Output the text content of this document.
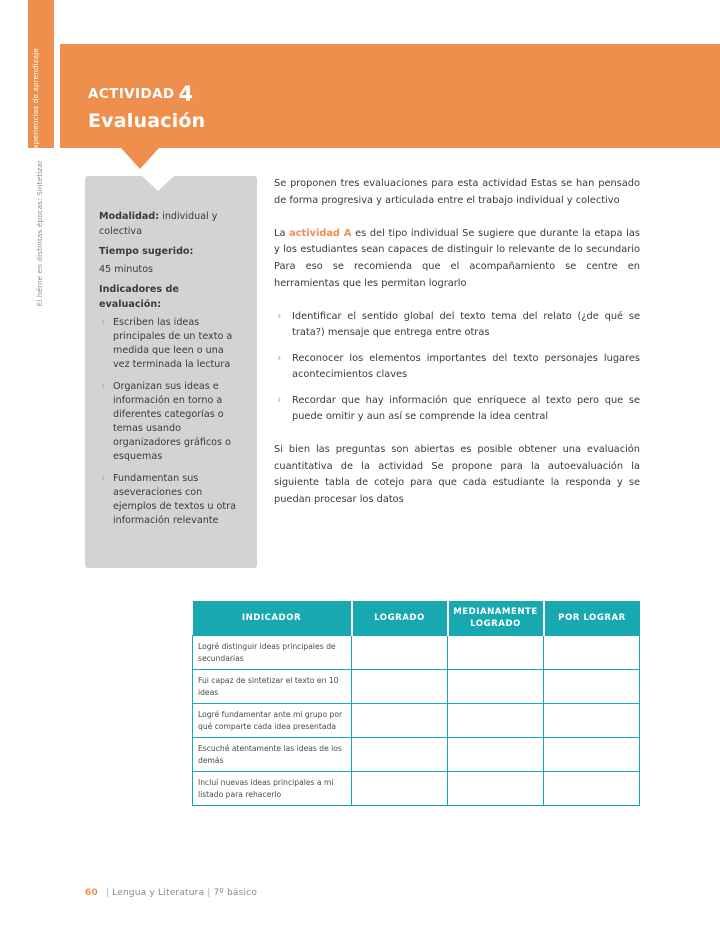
Experiencias de aprendizaje
El héroe en distintas épocas: Sintetizar
ACTIVIDAD 4
Evaluación
Modalidad: individual y colectiva
Tiempo sugerido:
45 minutos
Indicadores de evaluación:
› Escriben las ideas principales de un texto a medida que leen o una vez terminada la lectura
› Organizan sus ideas e información en torno a diferentes categorías o temas usando organizadores gráficos o esquemas
› Fundamentan sus aseveraciones con ejemplos de textos u otra información relevante

Se proponen tres evaluaciones para esta actividad Estas se han pensado de forma progresiva y articulada entre el trabajo individual y colectivo

La actividad A es del tipo individual Se sugiere que durante la etapa las y los estudiantes sean capaces de distinguir lo relevante de lo secundario Para eso se recomienda que el acompañamiento se centre en herramientas que les permitan lograrlo

› Identificar el sentido global del texto tema del relato (¿de qué se trata?) mensaje que entrega entre otras
› Reconocer los elementos importantes del texto personajes lugares acontecimientos claves
› Recordar que hay información que enriquece al texto pero que se puede omitir y aun así se comprende la idea central

Si bien las preguntas son abiertas es posible obtener una evaluación cuantitativa de la actividad Se propone para la autoevaluación la siguiente tabla de cotejo para que cada estudiante la responda y se puedan procesar los datos

INDICADOR	LOGRADO	MEDIANAMENTE LOGRADO	POR LOGRAR
Logré distinguir ideas principales de secundarias			
Fui capaz de sintetizar el texto en 10 ideas			
Logré fundamentar ante mi grupo por qué comparte cada idea presentada			
Escuché atentamente las ideas de los demás			
Incluí nuevas ideas principales a mi listado para rehacerlo			
60 | Lengua y Literatura | 7º básico
